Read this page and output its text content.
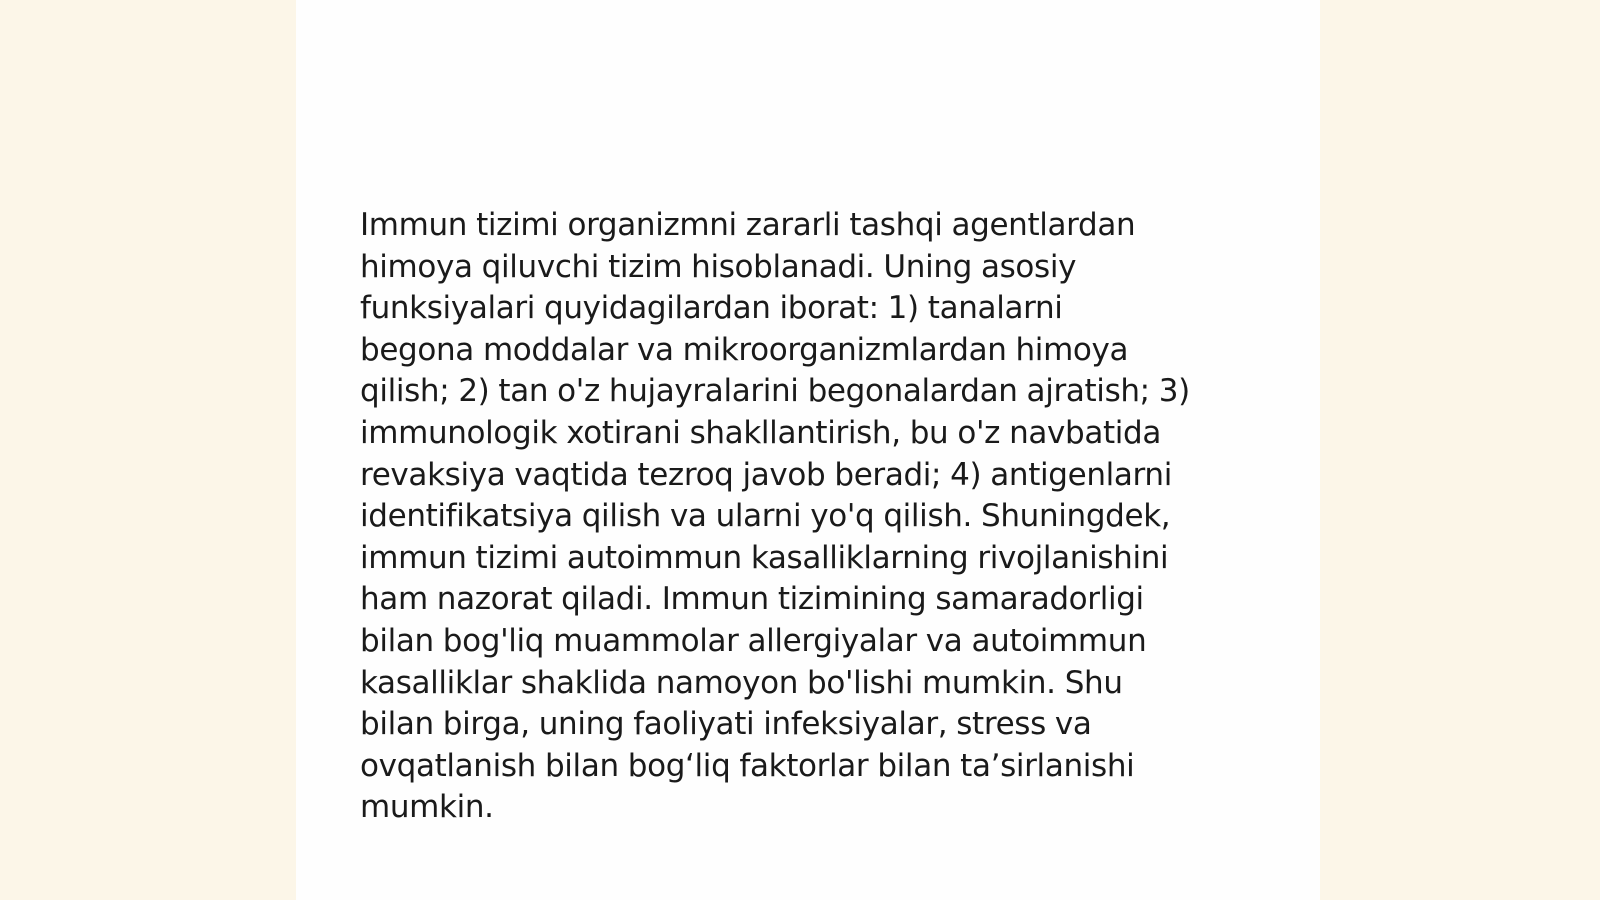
Immun tizimi organizmni zararli tashqi agentlardan
himoya qiluvchi tizim hisoblanadi. Uning asosiy
funksiyalari quyidagilardan iborat: 1) tanalarni
begona moddalar va mikroorganizmlardan himoya
qilish; 2) tan o'z hujayralarini begonalardan ajratish; 3)
immunologik xotirani shakllantirish, bu o'z navbatida
revaksiya vaqtida tezroq javob beradi; 4) antigenlarni
identifikatsiya qilish va ularni yo'q qilish. Shuningdek,
immun tizimi autoimmun kasalliklarning rivojlanishini
ham nazorat qiladi. Immun tizimining samaradorligi
bilan bog'liq muammolar allergiyalar va autoimmun
kasalliklar shaklida namoyon bo'lishi mumkin. Shu
bilan birga, uning faoliyati infeksiyalar, stress va
ovqatlanish bilan bogʻliq faktorlar bilan taʼsirlanishi
mumkin.
